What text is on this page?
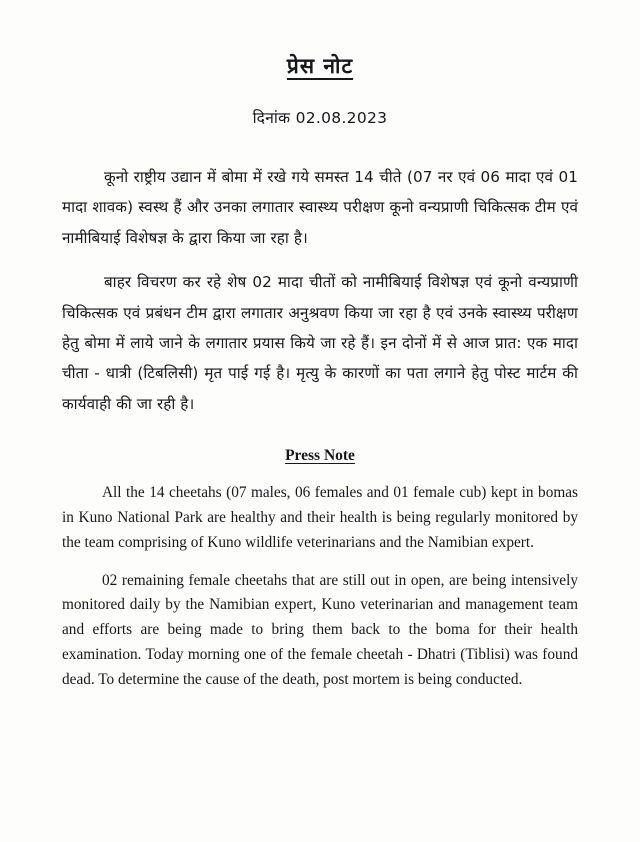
प्रेस नोट
दिनांक 02.08.2023

कूनो राष्ट्रीय उद्यान में बोमा में रखे गये समस्त 14 चीते (07 नर एवं 06 मादा एवं 01 मादा शावक) स्वस्थ हैं और उनका लगातार स्वास्थ्य परीक्षण कूनो वन्यप्राणी चिकित्सक टीम एवं नामीबियाई विशेषज्ञ के द्वारा किया जा रहा है।

बाहर विचरण कर रहे शेष 02 मादा चीतों को नामीबियाई विशेषज्ञ एवं कूनो वन्यप्राणी चिकित्सक एवं प्रबंधन टीम द्वारा लगातार अनुश्रवण किया जा रहा है एवं उनके स्वास्थ्य परीक्षण हेतु बोमा में लाये जाने के लगातार प्रयास किये जा रहे हैं। इन दोनों में से आज प्रात: एक मादा चीता - धात्री (टिबलिसी) मृत पाई गई है। मृत्यु के कारणों का पता लगाने हेतु पोस्ट मार्टम की कार्यवाही की जा रही है।

Press Note

All the 14 cheetahs (07 males, 06 females and 01 female cub) kept in bomas in Kuno National Park are healthy and their health is being regularly monitored by the team comprising of Kuno wildlife veterinarians and the Namibian expert.

02 remaining female cheetahs that are still out in open, are being intensively monitored daily by the Namibian expert, Kuno veterinarian and management team and efforts are being made to bring them back to the boma for their health examination. Today morning one of the female cheetah - Dhatri (Tiblisi) was found dead. To determine the cause of the death, post mortem is being conducted.
